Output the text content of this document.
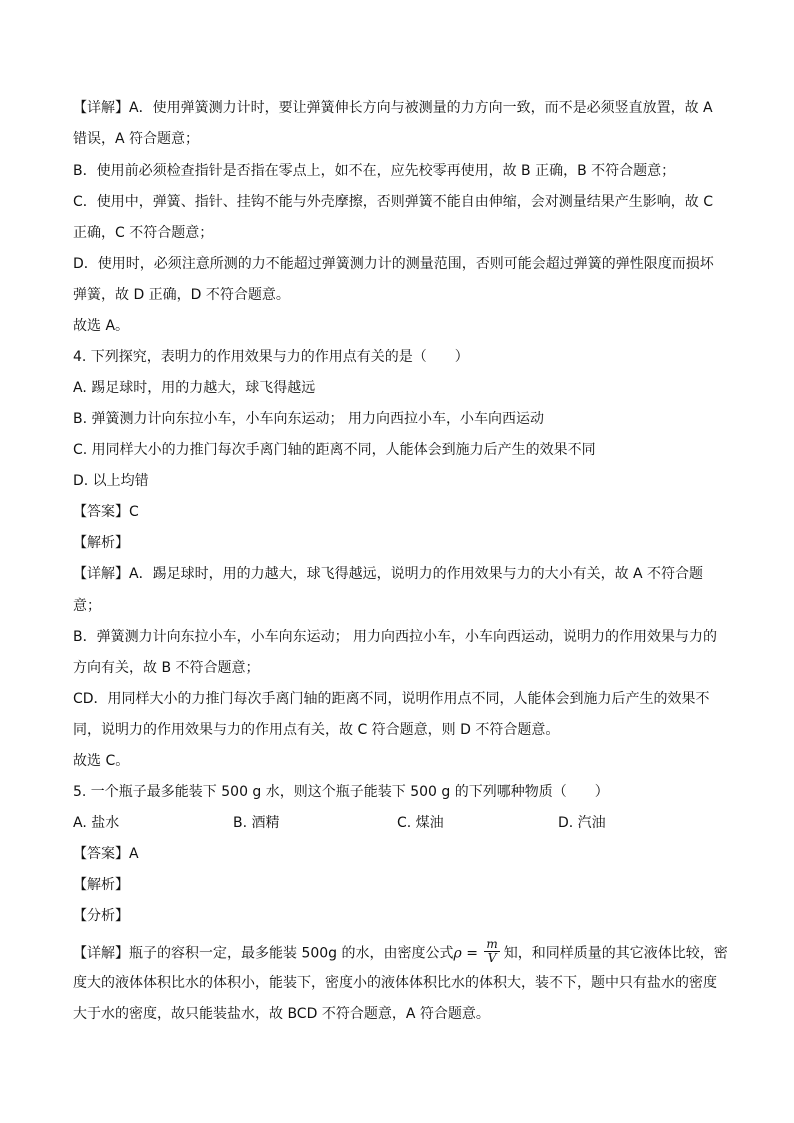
【详解】A．使用弹簧测力计时，要让弹簧伸长方向与被测量的力方向一致，而不是必须竖直放置，故 A
错误，A 符合题意；
B．使用前必须检查指针是否指在零点上，如不在，应先校零再使用，故 B 正确，B 不符合题意；
C．使用中，弹簧、指针、挂钩不能与外壳摩擦，否则弹簧不能自由伸缩，会对测量结果产生影响，故 C
正确，C 不符合题意；
D．使用时，必须注意所测的力不能超过弹簧测力计的测量范围，否则可能会超过弹簧的弹性限度而损坏
弹簧，故 D 正确，D 不符合题意。
故选 A。
4. 下列探究，表明力的作用效果与力的作用点有关的是（　　）
A. 踢足球时，用的力越大，球飞得越远
B. 弹簧测力计向东拉小车，小车向东运动； 用力向西拉小车，小车向西运动
C. 用同样大小的力推门每次手离门轴的距离不同，人能体会到施力后产生的效果不同
D. 以上均错
【答案】C
【解析】
【详解】A．踢足球时，用的力越大，球飞得越远，说明力的作用效果与力的大小有关，故 A 不符合题
意；
B．弹簧测力计向东拉小车，小车向东运动； 用力向西拉小车，小车向西运动，说明力的作用效果与力的
方向有关，故 B 不符合题意；
CD．用同样大小的力推门每次手离门轴的距离不同，说明作用点不同，人能体会到施力后产生的效果不
同，说明力的作用效果与力的作用点有关，故 C 符合题意，则 D 不符合题意。
故选 C。
5. 一个瓶子最多能装下 500 g 水，则这个瓶子能装下 500 g 的下列哪种物质（　　）
A. 盐水	B. 酒精	C. 煤油	D. 汽油
【答案】A
【解析】
【分析】
【详解】瓶子的容积一定，最多能装 500g 的水，由密度公式$\rho = \frac{m}{V}$ 知，和同样质量的其它液体比较，密
度大的液体体积比水的体积小，能装下，密度小的液体体积比水的体积大，装不下，题中只有盐水的密度
大于水的密度，故只能装盐水，故 BCD 不符合题意，A 符合题意。
